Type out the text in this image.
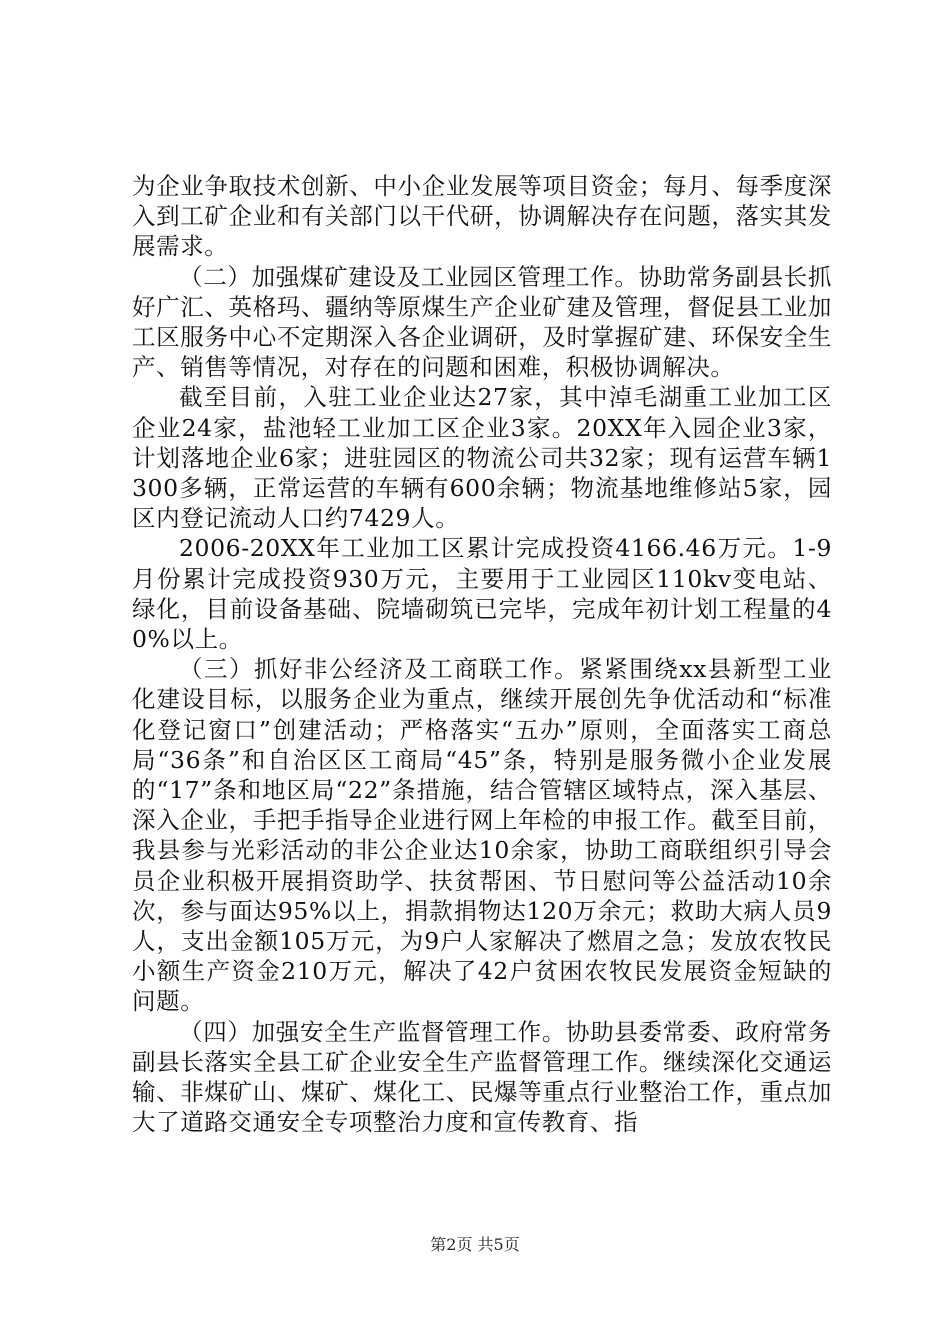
为企业争取技术创新、中小企业发展等项目资金；每月、每季度深入到工矿企业和有关部门以干代研，协调解决存在问题，落实其发展需求。

（二）加强煤矿建设及工业园区管理工作。协助常务副县长抓好广汇、英格玛、疆纳等原煤生产企业矿建及管理，督促县工业加工区服务中心不定期深入各企业调研，及时掌握矿建、环保安全生产、销售等情况，对存在的问题和困难，积极协调解决。

截至目前，入驻工业企业达27家，其中淖毛湖重工业加工区企业24家，盐池轻工业加工区企业3家。20XX年入园企业3家，计划落地企业6家；进驻园区的物流公司共32家；现有运营车辆1300多辆，正常运营的车辆有600余辆；物流基地维修站5家，园区内登记流动人口约7429人。

2006-20XX年工业加工区累计完成投资4166.46万元。1-9月份累计完成投资930万元，主要用于工业园区110kv变电站、绿化，目前设备基础、院墙砌筑已完毕，完成年初计划工程量的40%以上。

（三）抓好非公经济及工商联工作。紧紧围绕xx县新型工业化建设目标，以服务企业为重点，继续开展创先争优活动和“标准化登记窗口”创建活动；严格落实“五办”原则，全面落实工商总局“36条”和自治区区工商局“45”条，特别是服务微小企业发展的“17”条和地区局“22”条措施，结合管辖区域特点，深入基层、深入企业，手把手指导企业进行网上年检的申报工作。截至目前，我县参与光彩活动的非公企业达10余家，协助工商联组织引导会员企业积极开展捐资助学、扶贫帮困、节日慰问等公益活动10余次，参与面达95%以上，捐款捐物达120万余元；救助大病人员9人，支出金额105万元，为9户人家解决了燃眉之急；发放农牧民小额生产资金210万元，解决了42户贫困农牧民发展资金短缺的问题。

（四）加强安全生产监督管理工作。协助县委常委、政府常务副县长落实全县工矿企业安全生产监督管理工作。继续深化交通运输、非煤矿山、煤矿、煤化工、民爆等重点行业整治工作，重点加大了道路交通安全专项整治力度和宣传教育、指

第2页 共5页
